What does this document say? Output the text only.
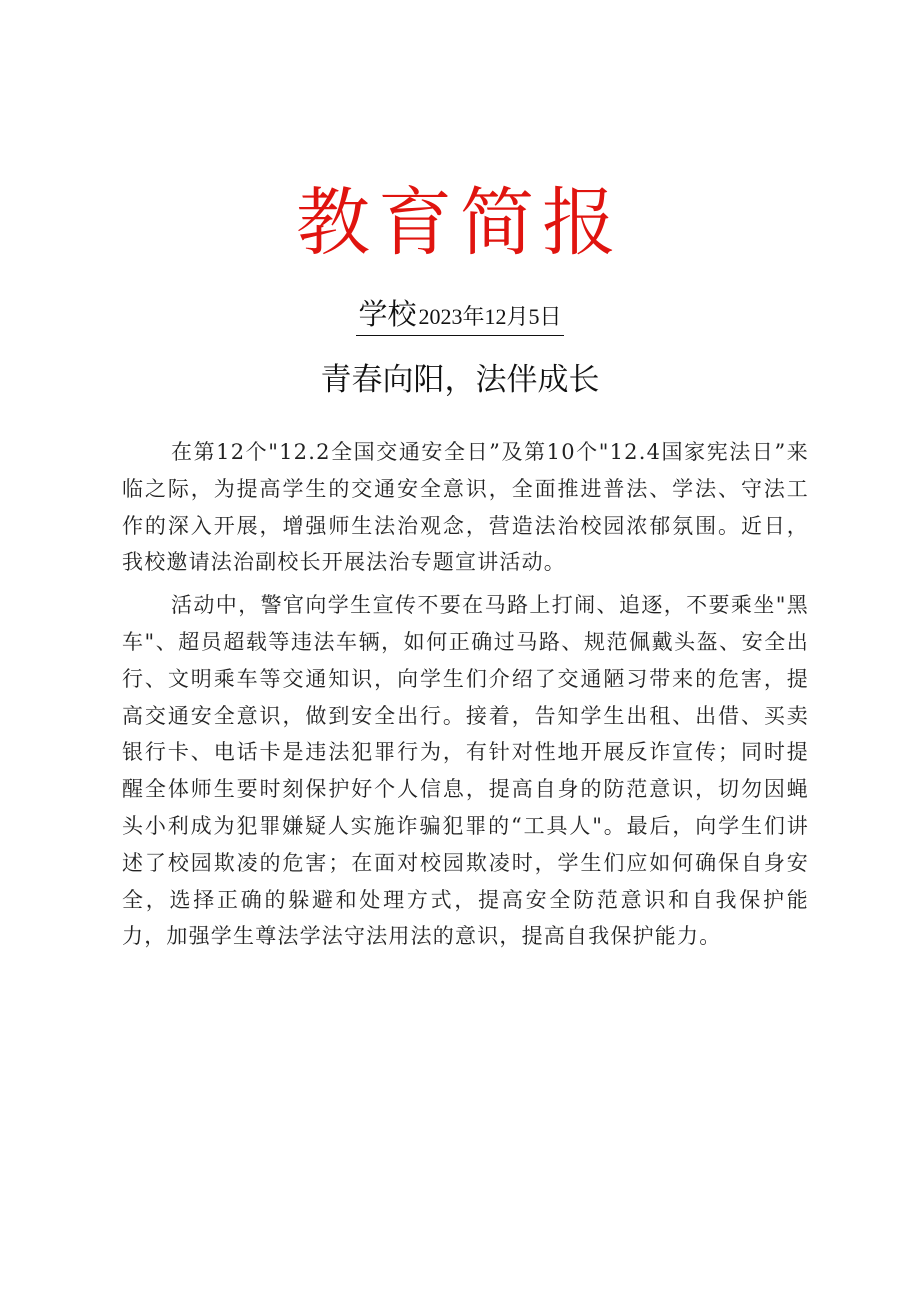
教育简报
学校2023年12月5日
青春向阳，法伴成长

在第12个"12.2全国交通安全日”及第10个"12.4国家宪法日”来临之际，为提高学生的交通安全意识，全面推进普法、学法、守法工作的深入开展，增强师生法治观念，营造法治校园浓郁氛围。近日，我校邀请法治副校长开展法治专题宣讲活动。

活动中，警官向学生宣传不要在马路上打闹、追逐，不要乘坐"黑车"、超员超载等违法车辆，如何正确过马路、规范佩戴头盔、安全出行、文明乘车等交通知识，向学生们介绍了交通陋习带来的危害，提高交通安全意识，做到安全出行。接着，告知学生出租、出借、买卖银行卡、电话卡是违法犯罪行为，有针对性地开展反诈宣传；同时提醒全体师生要时刻保护好个人信息，提高自身的防范意识，切勿因蝇头小利成为犯罪嫌疑人实施诈骗犯罪的“工具人"。最后，向学生们讲述了校园欺凌的危害；在面对校园欺凌时，学生们应如何确保自身安全，选择正确的躲避和处理方式，提高安全防范意识和自我保护能力，加强学生尊法学法守法用法的意识，提高自我保护能力。
